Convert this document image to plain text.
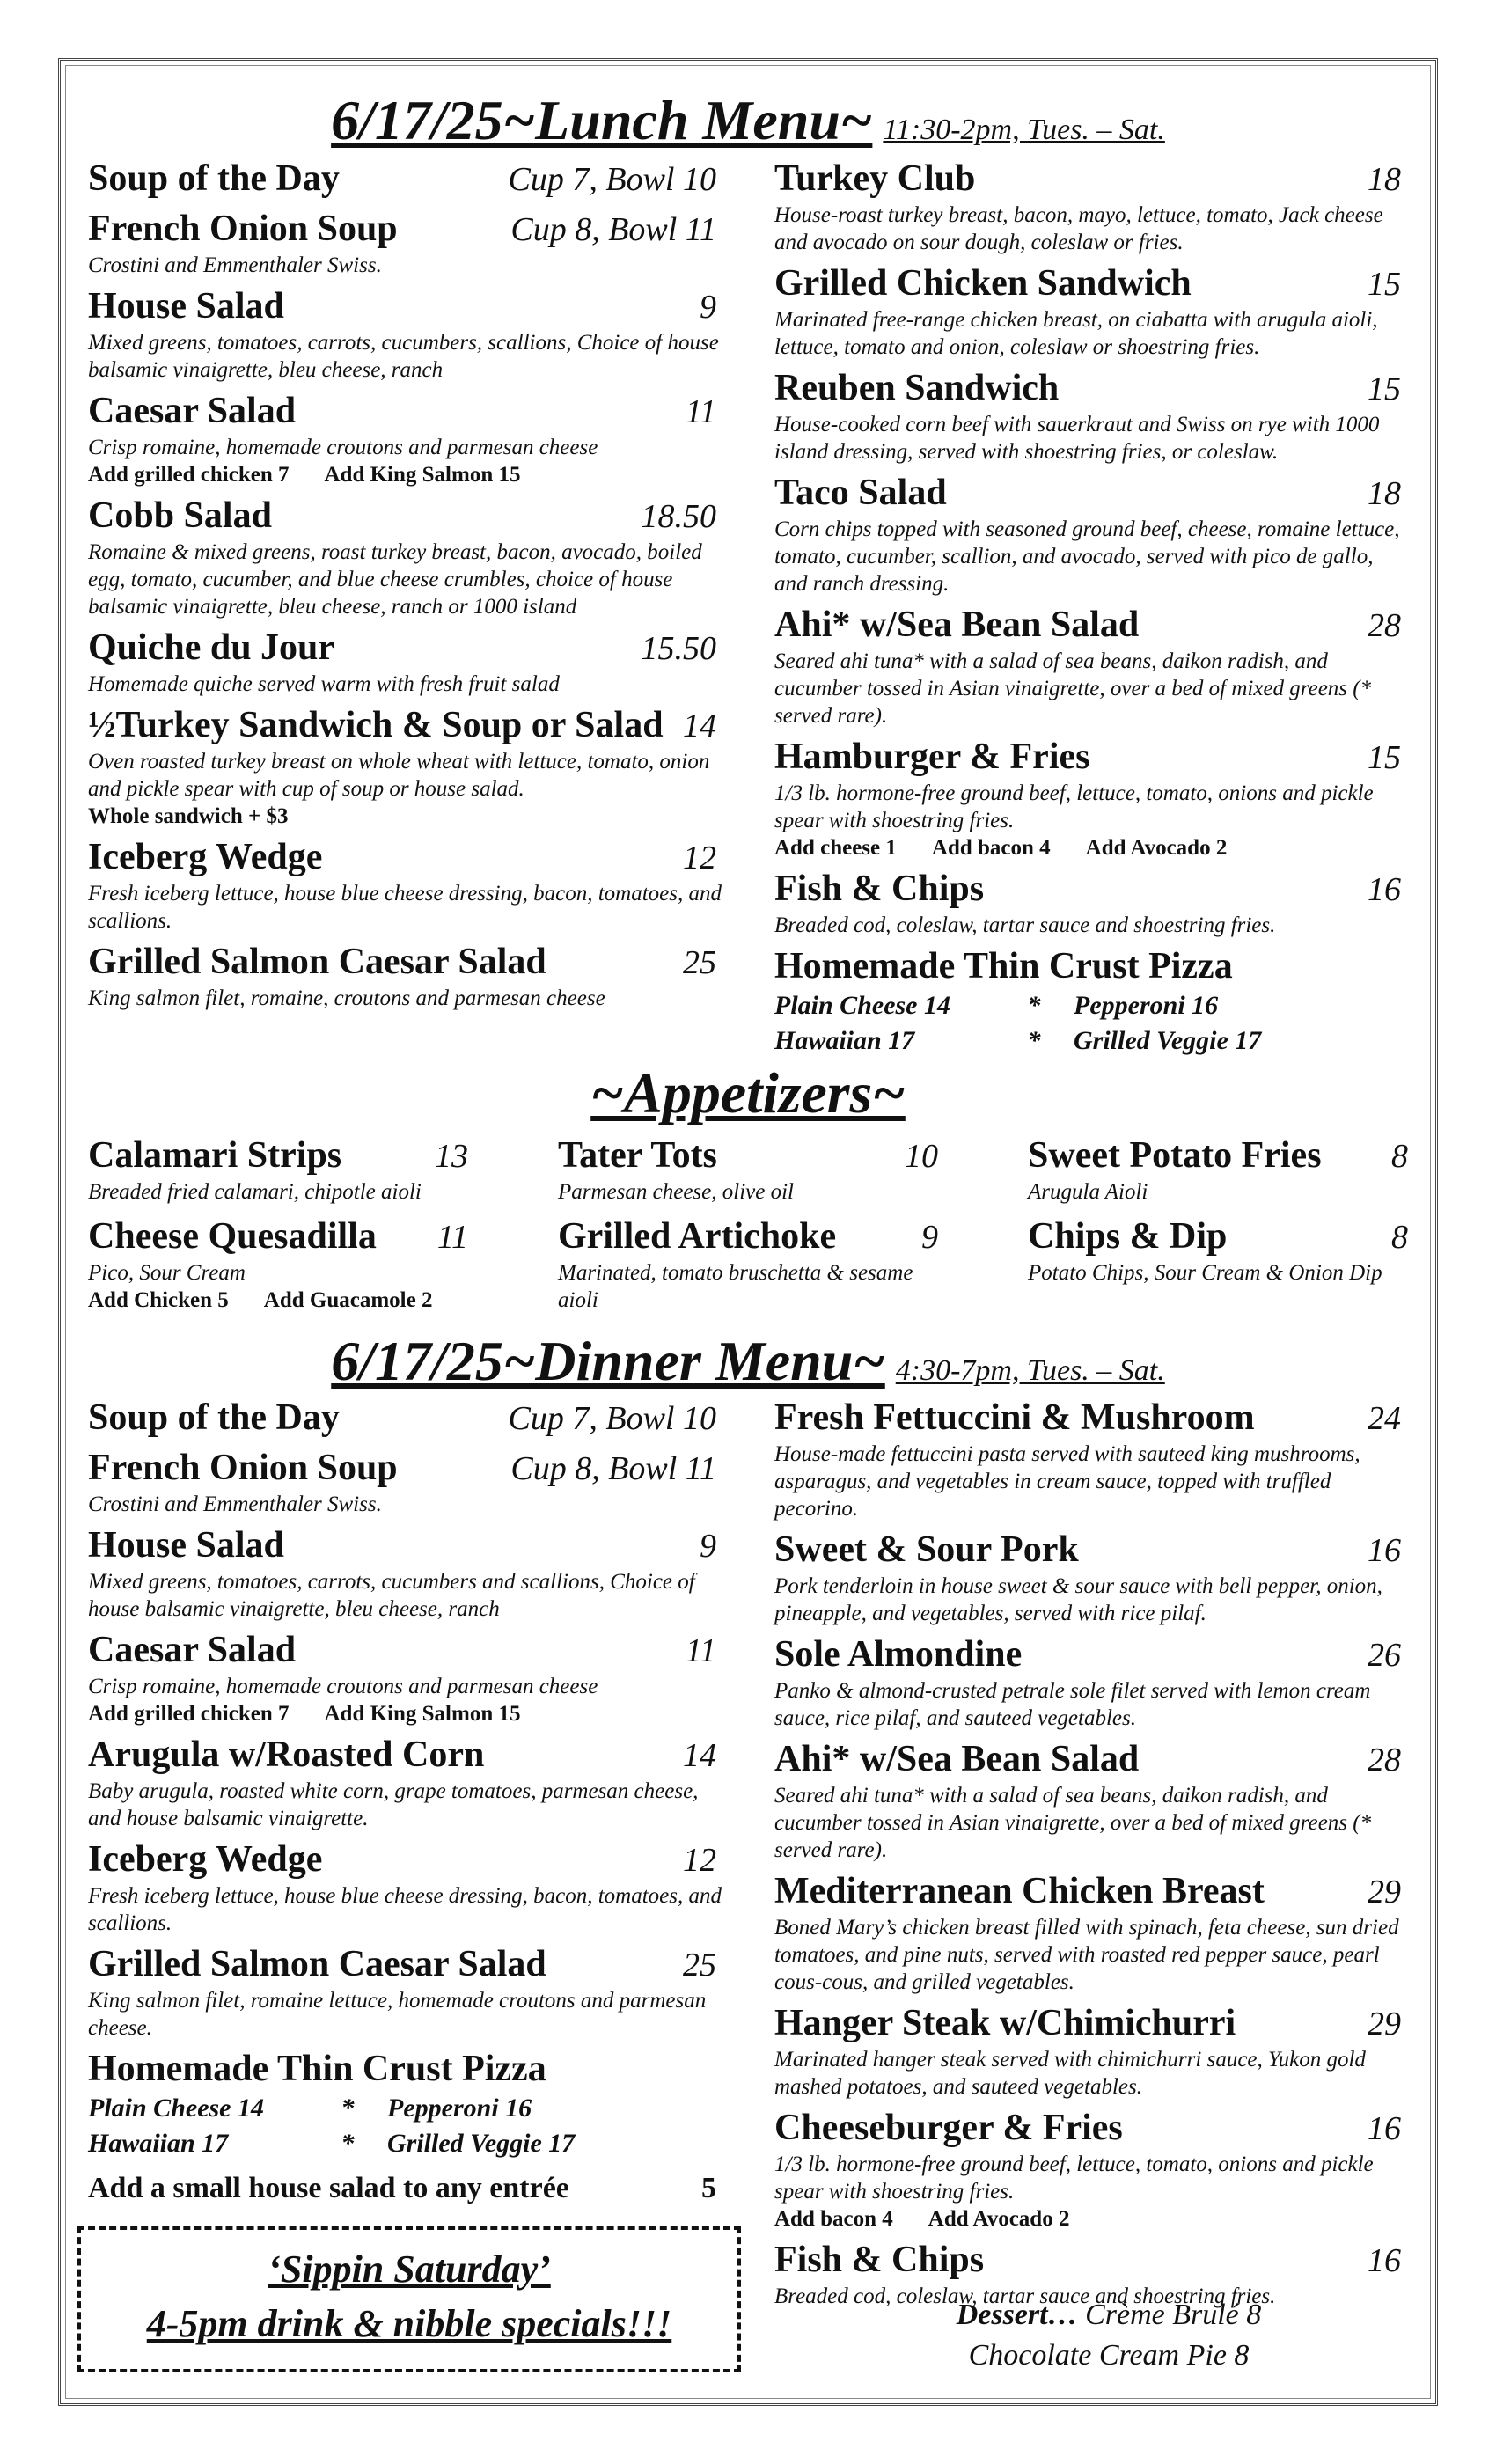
6/17/25~Lunch Menu~ 11:30-2pm, Tues. – Sat.
Soup of the Day	Cup 7, Bowl 10
French Onion Soup	Cup 8, Bowl 11
Crostini and Emmenthaler Swiss.
House Salad	9
Mixed greens, tomatoes, carrots, cucumbers, scallions, Choice of house balsamic vinaigrette, bleu cheese, ranch
Caesar Salad	11
Crisp romaine, homemade croutons and parmesan cheese
Add grilled chicken 7 Add King Salmon 15
Cobb Salad	18.50
Romaine & mixed greens, roast turkey breast, bacon, avocado, boiled egg, tomato, cucumber, and blue cheese crumbles, choice of house balsamic vinaigrette, bleu cheese, ranch or 1000 island
Quiche du Jour	15.50
Homemade quiche served warm with fresh fruit salad
½Turkey Sandwich & Soup or Salad 14
Oven roasted turkey breast on whole wheat with lettuce, tomato, onion and pickle spear with cup of soup or house salad.
Whole sandwich + $3
Iceberg Wedge	12
Fresh iceberg lettuce, house blue cheese dressing, bacon, tomatoes, and scallions.
Grilled Salmon Caesar Salad	25
King salmon filet, romaine, croutons and parmesan cheese
Turkey Club	18
House-roast turkey breast, bacon, mayo, lettuce, tomato, Jack cheese and avocado on sour dough, coleslaw or fries.
Grilled Chicken Sandwich	15
Marinated free-range chicken breast, on ciabatta with arugula aioli, lettuce, tomato and onion, coleslaw or shoestring fries.
Reuben Sandwich	15
House-cooked corn beef with sauerkraut and Swiss on rye with 1000 island dressing, served with shoestring fries, or coleslaw.
Taco Salad	18
Corn chips topped with seasoned ground beef, cheese, romaine lettuce, tomato, cucumber, scallion, and avocado, served with pico de gallo, and ranch dressing.
Ahi* w/Sea Bean Salad	28
Seared ahi tuna* with a salad of sea beans, daikon radish, and cucumber tossed in Asian vinaigrette, over a bed of mixed greens (* served rare).
Hamburger & Fries	15
1/3 lb. hormone-free ground beef, lettuce, tomato, onions and pickle spear with shoestring fries.
Add cheese 1 Add bacon 4 Add Avocado 2
Fish & Chips	16
Breaded cod, coleslaw, tartar sauce and shoestring fries.
Homemade Thin Crust Pizza
Plain Cheese 14	*	Pepperoni 16
Hawaiian 17	*	Grilled Veggie 17
~Appetizers~
Calamari Strips	13
Breaded fried calamari, chipotle aioli
Cheese Quesadilla 11
Pico, Sour Cream
Add Chicken 5 Add Guacamole 2
Tater Tots	10
Parmesan cheese, olive oil
Grilled Artichoke	9
Marinated, tomato bruschetta & sesame aioli
Sweet Potato Fries 8
Arugula Aioli
Chips & Dip	8
Potato Chips, Sour Cream & Onion Dip
6/17/25~Dinner Menu~ 4:30-7pm, Tues. – Sat.
Soup of the Day	Cup 7, Bowl 10
French Onion Soup	Cup 8, Bowl 11
Crostini and Emmenthaler Swiss.
House Salad	9
Mixed greens, tomatoes, carrots, cucumbers and scallions, Choice of house balsamic vinaigrette, bleu cheese, ranch
Caesar Salad	11
Crisp romaine, homemade croutons and parmesan cheese
Add grilled chicken 7 Add King Salmon 15
Arugula w/Roasted Corn	14
Baby arugula, roasted white corn, grape tomatoes, parmesan cheese, and house balsamic vinaigrette.
Iceberg Wedge	12
Fresh iceberg lettuce, house blue cheese dressing, bacon, tomatoes, and scallions.
Grilled Salmon Caesar Salad	25
King salmon filet, romaine lettuce, homemade croutons and parmesan cheese.
Homemade Thin Crust Pizza
Plain Cheese 14	*	Pepperoni 16
Hawaiian 17	*	Grilled Veggie 17
Add a small house salad to any entrée	5
Fresh Fettuccini & Mushroom	24
House-made fettuccini pasta served with sauteed king mushrooms, asparagus, and vegetables in cream sauce, topped with truffled pecorino.
Sweet & Sour Pork	16
Pork tenderloin in house sweet & sour sauce with bell pepper, onion, pineapple, and vegetables, served with rice pilaf.
Sole Almondine	26
Panko & almond-crusted petrale sole filet served with lemon cream sauce, rice pilaf, and sauteed vegetables.
Ahi* w/Sea Bean Salad	28
Seared ahi tuna* with a salad of sea beans, daikon radish, and cucumber tossed in Asian vinaigrette, over a bed of mixed greens (* served rare).
Mediterranean Chicken Breast	29
Boned Mary’s chicken breast filled with spinach, feta cheese, sun dried tomatoes, and pine nuts, served with roasted red pepper sauce, pearl cous-cous, and grilled vegetables.
Hanger Steak w/Chimichurri	29
Marinated hanger steak served with chimichurri sauce, Yukon gold mashed potatoes, and sauteed vegetables.
Cheeseburger & Fries	16
1/3 lb. hormone-free ground beef, lettuce, tomato, onions and pickle spear with shoestring fries.
Add bacon 4 Add Avocado 2
Fish & Chips	16
Breaded cod, coleslaw, tartar sauce and shoestring fries.
‘Sippin Saturday’
4-5pm drink & nibble specials!!!	Dessert… Crème Brulé 8
Chocolate Cream Pie 8
